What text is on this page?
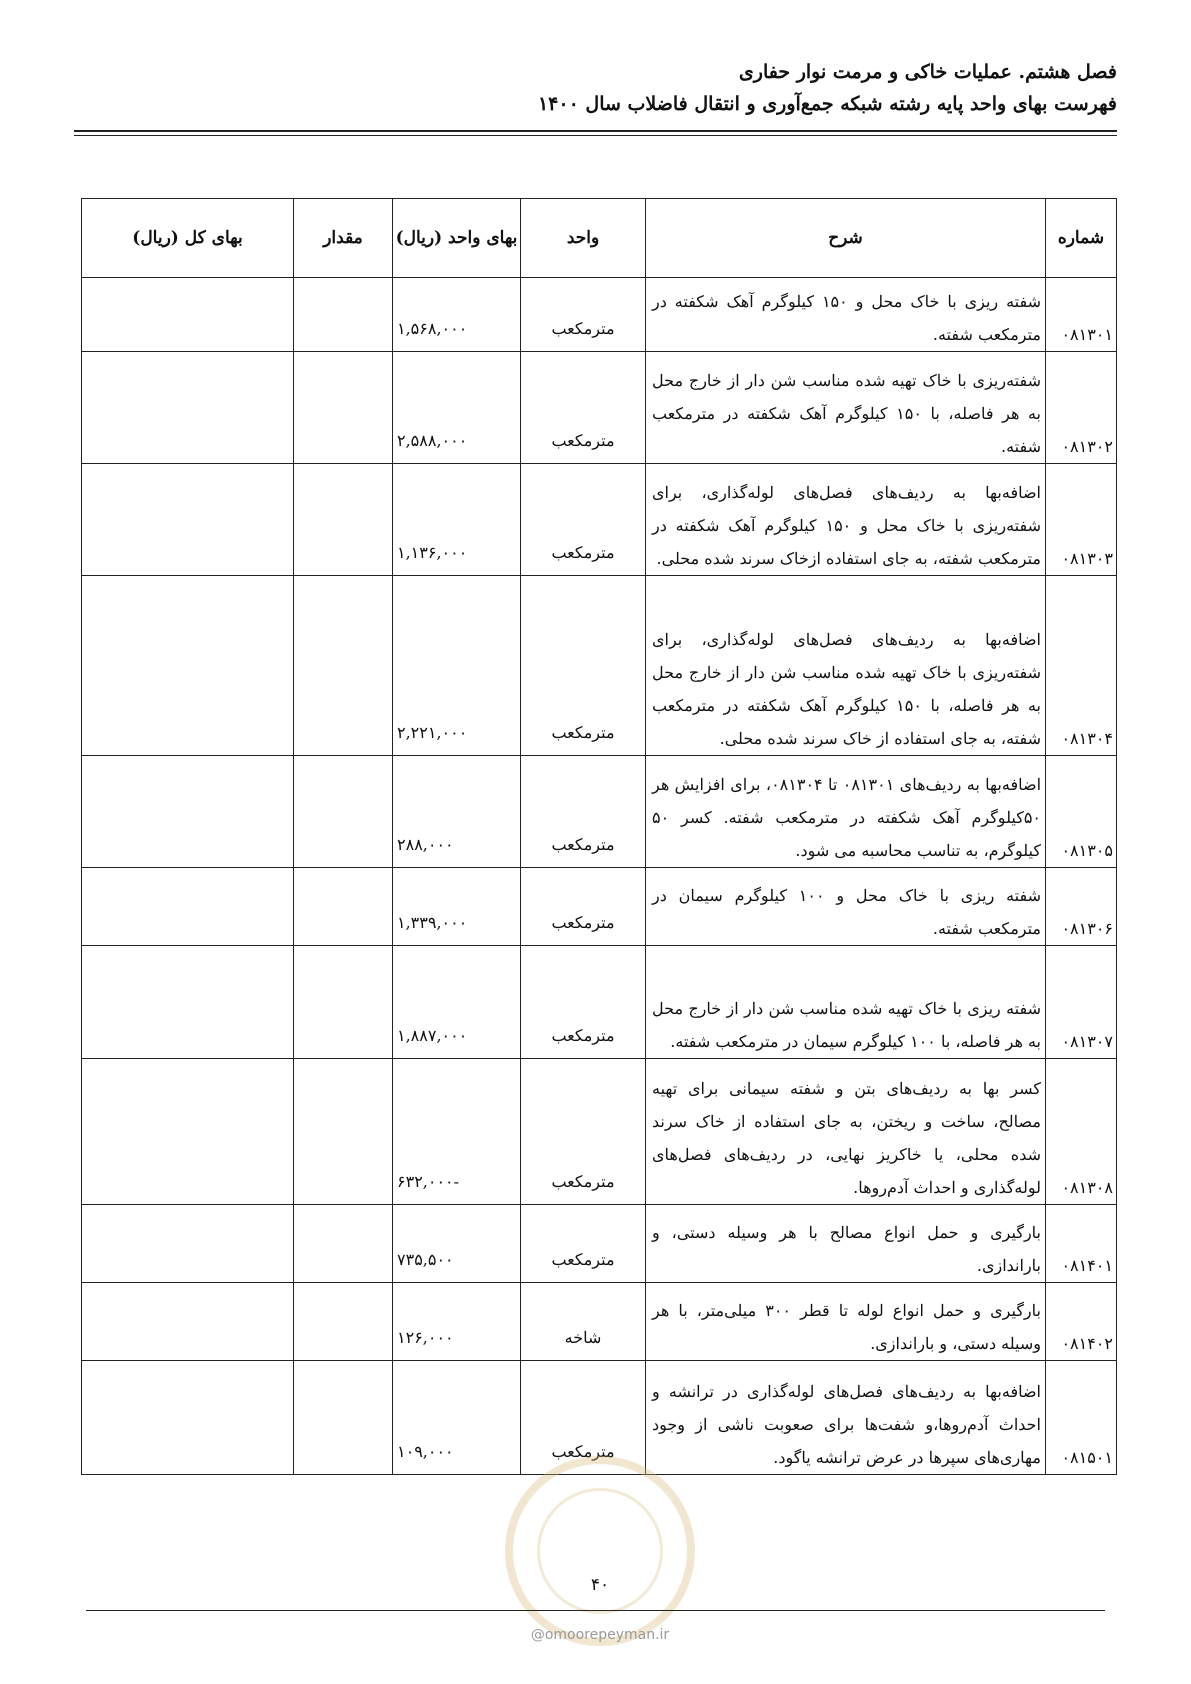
فصل هشتم. عملیات خاکی و مرمت نوار حفاری
فهرست بهای واحد پایه رشته شبکه جمع‌آوری و انتقال فاضلاب سال ۱۴۰۰
شماره	شرح	واحد	بهای واحد (ریال)	مقدار	بهای کل (ریال)
۰۸۱۳۰۱	شفته ریزی با خاک محل و ۱۵۰ کیلوگرم آهک شکفته در مترمکعب شفته.	مترمکعب	۱,۵۶۸,۰۰۰		
۰۸۱۳۰۲	شفته‌ریزی با خاک تهیه شده مناسب شن دار از خارج محل به هر فاصله، با ۱۵۰ کیلوگرم آهک شکفته در مترمکعب شفته.	مترمکعب	۲,۵۸۸,۰۰۰		
۰۸۱۳۰۳	اضافه‌بها به ردیف‌های فصل‌های لوله‌گذاری، برای شفته‌ریزی با خاک محل و ۱۵۰ کیلوگرم آهک شکفته در مترمکعب شفته، به جای استفاده ازخاک سرند شده محلی.	مترمکعب	۱,۱۳۶,۰۰۰		
۰۸۱۳۰۴	اضافه‌بها به ردیف‌های فصل‌های لوله‌گذاری، برای شفته‌ریزی با خاک تهیه شده مناسب شن دار از خارج محل به هر فاصله، با ۱۵۰ کیلوگرم آهک شکفته در مترمکعب شفته، به جای استفاده از خاک سرند شده محلی.	مترمکعب	۲,۲۲۱,۰۰۰		
۰۸۱۳۰۵	اضافه‌بها به ردیف‌های ۰۸۱۳۰۱ تا ۰۸۱۳۰۴، برای افزایش هر ۵۰کیلوگرم آهک شکفته در مترمکعب شفته. کسر ۵۰ کیلوگرم، به تناسب محاسبه می شود.	مترمکعب	۲۸۸,۰۰۰		
۰۸۱۳۰۶	شفته ریزی با خاک محل و ۱۰۰ کیلوگرم سیمان در مترمکعب شفته.	مترمکعب	۱,۳۳۹,۰۰۰		
۰۸۱۳۰۷	شفته ریزی با خاک تهیه شده مناسب شن دار از خارج محل به هر فاصله، با ۱۰۰ کیلوگرم سیمان در مترمکعب شفته.	مترمکعب	۱,۸۸۷,۰۰۰		
۰۸۱۳۰۸	کسر بها به ردیف‌های بتن و شفته سیمانی برای تهیه مصالح، ساخت و ریختن، به جای استفاده از خاک سرند شده محلی، یا خاکریز نهایی، در ردیف‌های فصل‌های لوله‌گذاری و احداث آدم‌روها.	مترمکعب	-۶۳۲,۰۰۰		
۰۸۱۴۰۱	بارگیری و حمل انواع مصالح با هر وسیله دستی، و باراندازی.	مترمکعب	۷۳۵,۵۰۰		
۰۸۱۴۰۲	بارگیری و حمل انواع لوله تا قطر ۳۰۰ میلی‌متر، با هر وسیله دستی، و باراندازی.	شاخه	۱۲۶,۰۰۰		
۰۸۱۵۰۱	اضافه‌بها به ردیف‌های فصل‌های لوله‌گذاری در ترانشه و احداث آدم‌روها،و شفت‌ها برای صعوبت ناشی از وجود مهاری‌های سپرها در عرض ترانشه یاگود.	مترمکعب	۱۰۹,۰۰۰		
۴۰
@omoorepeyman.ir
